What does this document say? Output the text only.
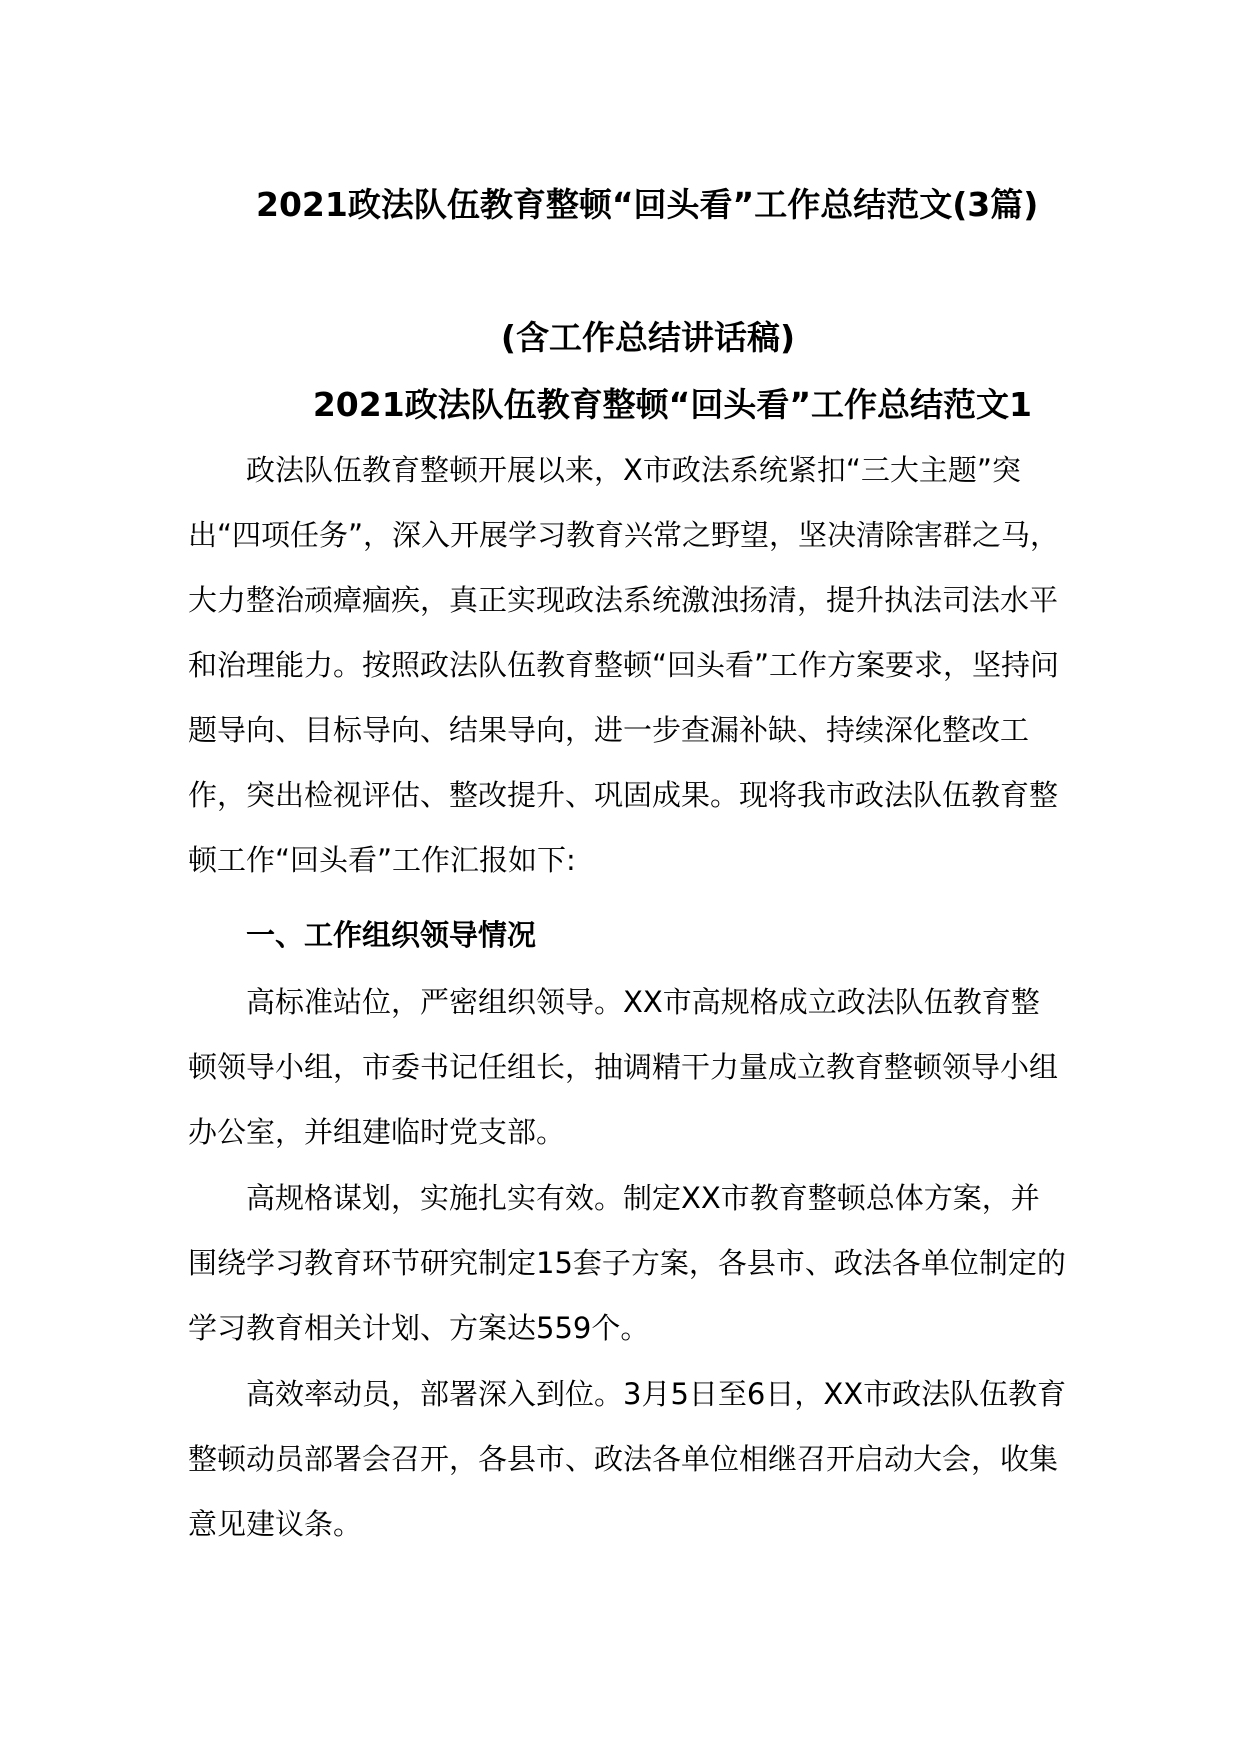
2021政法队伍教育整顿“回头看”工作总结范文(3篇)
(含工作总结讲话稿)
2021政法队伍教育整顿“回头看”工作总结范文1

政法队伍教育整顿开展以来，X市政法系统紧扣“三大主题”突出“四项任务”，深入开展学习教育兴常之野望，坚决清除害群之马，大力整治顽瘴痼疾，真正实现政法系统激浊扬清，提升执法司法水平和治理能力。按照政法队伍教育整顿“回头看”工作方案要求，坚持问题导向、目标导向、结果导向，进一步查漏补缺、持续深化整改工作，突出检视评估、整改提升、巩固成果。现将我市政法队伍教育整顿工作“回头看”工作汇报如下:

一、工作组织领导情况

高标准站位，严密组织领导。XX市高规格成立政法队伍教育整顿领导小组，市委书记任组长，抽调精干力量成立教育整顿领导小组办公室，并组建临时党支部。

高规格谋划，实施扎实有效。制定XX市教育整顿总体方案，并围绕学习教育环节研究制定15套子方案，各县市、政法各单位制定的学习教育相关计划、方案达559个。

高效率动员，部署深入到位。3月5日至6日，XX市政法队伍教育整顿动员部署会召开，各县市、政法各单位相继召开启动大会，收集意见建议条。
